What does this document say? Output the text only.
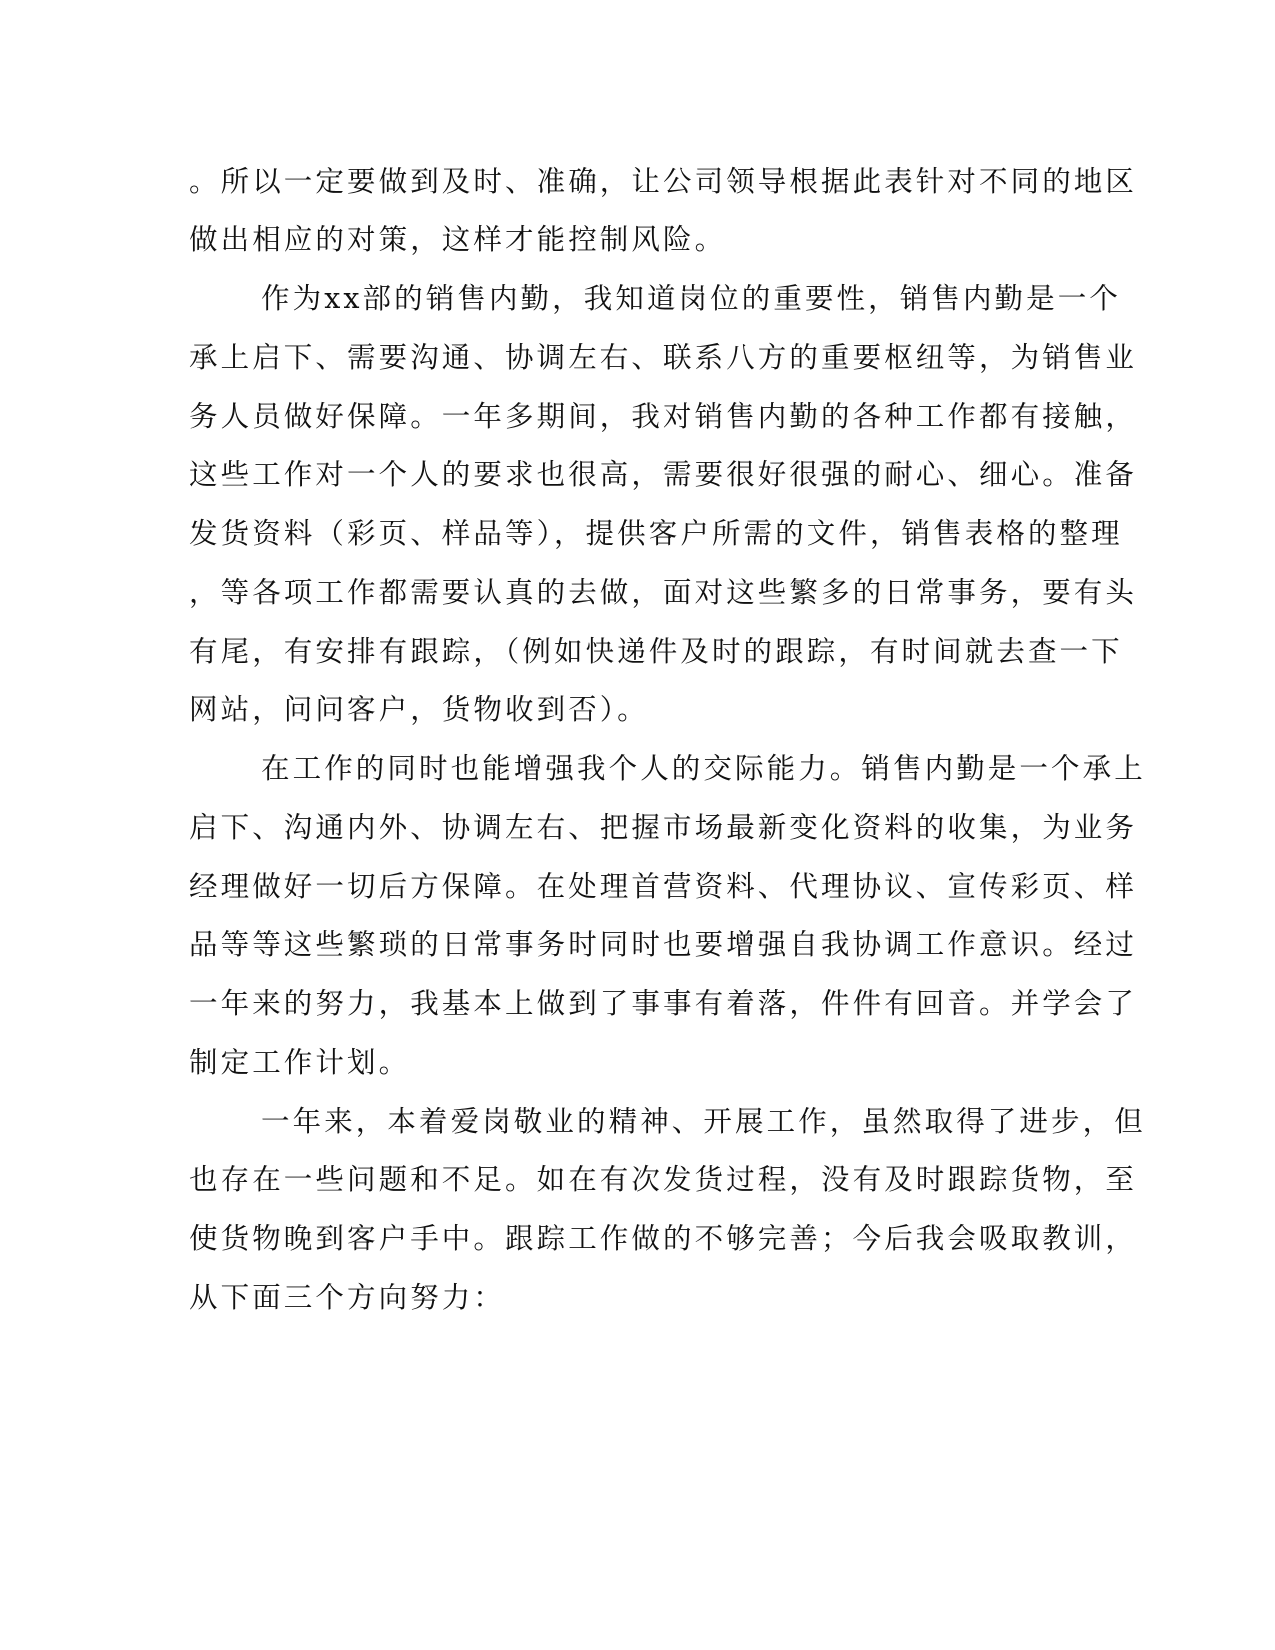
。所以一定要做到及时、准确，让公司领导根据此表针对不同的地区
做出相应的对策，这样才能控制风险。
作为xx部的销售内勤，我知道岗位的重要性，销售内勤是一个
承上启下、需要沟通、协调左右、联系八方的重要枢纽等，为销售业
务人员做好保障。一年多期间，我对销售内勤的各种工作都有接触，
这些工作对一个人的要求也很高，需要很好很强的耐心、细心。准备
发货资料（彩页、样品等），提供客户所需的文件，销售表格的整理
，等各项工作都需要认真的去做，面对这些繁多的日常事务，要有头
有尾，有安排有跟踪，（例如快递件及时的跟踪，有时间就去查一下
网站，问问客户，货物收到否）。
在工作的同时也能增强我个人的交际能力。销售内勤是一个承上
启下、沟通内外、协调左右、把握市场最新变化资料的收集，为业务
经理做好一切后方保障。在处理首营资料、代理协议、宣传彩页、样
品等等这些繁琐的日常事务时同时也要增强自我协调工作意识。经过
一年来的努力，我基本上做到了事事有着落，件件有回音。并学会了
制定工作计划。
一年来，本着爱岗敬业的精神、开展工作，虽然取得了进步，但
也存在一些问题和不足。如在有次发货过程，没有及时跟踪货物，至
使货物晚到客户手中。跟踪工作做的不够完善；今后我会吸取教训，
从下面三个方向努力：
